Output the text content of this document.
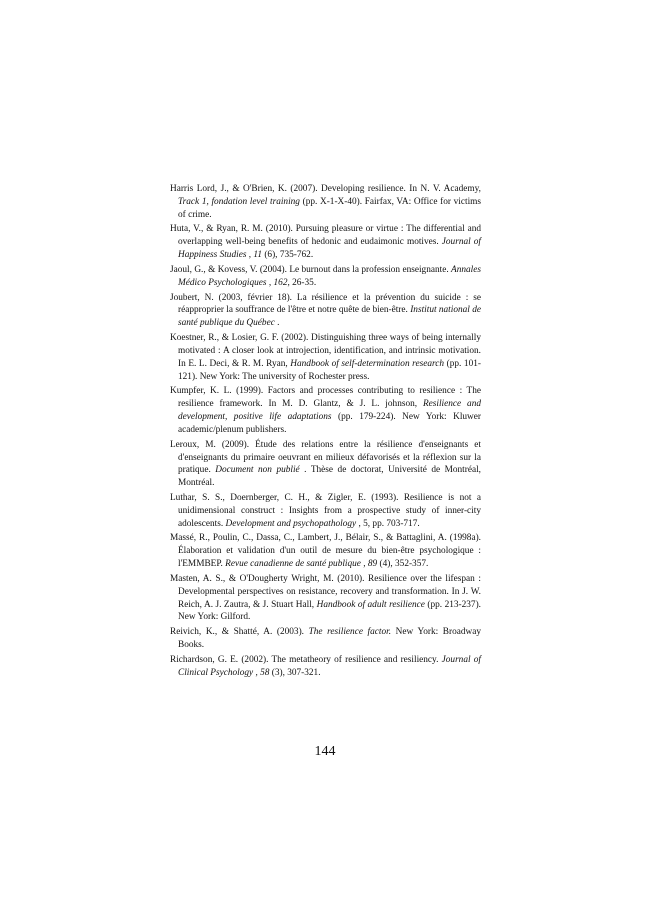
Harris Lord, J., & O'Brien, K. (2007). Developing resilience. In N. V. Academy, Track 1, fondation level training (pp. X-1-X-40). Fairfax, VA: Office for victims of crime.

Huta, V., & Ryan, R. M. (2010). Pursuing pleasure or virtue : The differential and overlapping well-being benefits of hedonic and eudaimonic motives. Journal of Happiness Studies , 11 (6), 735-762.

Jaoul, G., & Kovess, V. (2004). Le burnout dans la profession enseignante. Annales Médico Psychologiques , 162, 26-35.

Joubert, N. (2003, février 18). La résilience et la prévention du suicide : se réapproprier la souffrance de l'être et notre quête de bien-être. Institut national de santé publique du Québec .

Koestner, R., & Losier, G. F. (2002). Distinguishing three ways of being internally motivated : A closer look at introjection, identification, and intrinsic motivation. In E. L. Deci, & R. M. Ryan, Handbook of self-determination research (pp. 101-121). New York: The university of Rochester press.

Kumpfer, K. L. (1999). Factors and processes contributing to resilience : The resilience framework. In M. D. Glantz, & J. L. johnson, Resilience and development, positive life adaptations (pp. 179-224). New York: Kluwer academic/plenum publishers.

Leroux, M. (2009). Étude des relations entre la résilience d'enseignants et d'enseignants du primaire oeuvrant en milieux défavorisés et la réflexion sur la pratique. Document non publié . Thèse de doctorat, Université de Montréal, Montréal.

Luthar, S. S., Doernberger, C. H., & Zigler, E. (1993). Resilience is not a unidimensional construct : Insights from a prospective study of inner-city adolescents. Development and psychopathology , 5, pp. 703-717.

Massé, R., Poulin, C., Dassa, C., Lambert, J., Bélair, S., & Battaglini, A. (1998a). Élaboration et validation d'un outil de mesure du bien-être psychologique : l'EMMBEP. Revue canadienne de santé publique , 89 (4), 352-357.

Masten, A. S., & O'Dougherty Wright, M. (2010). Resilience over the lifespan : Developmental perspectives on resistance, recovery and transformation. In J. W. Reich, A. J. Zautra, & J. Stuart Hall, Handbook of adult resilience (pp. 213-237). New York: Gilford.

Reivich, K., & Shatté, A. (2003). The resilience factor. New York: Broadway Books.

Richardson, G. E. (2002). The metatheory of resilience and resiliency. Journal of Clinical Psychology , 58 (3), 307-321.

144
